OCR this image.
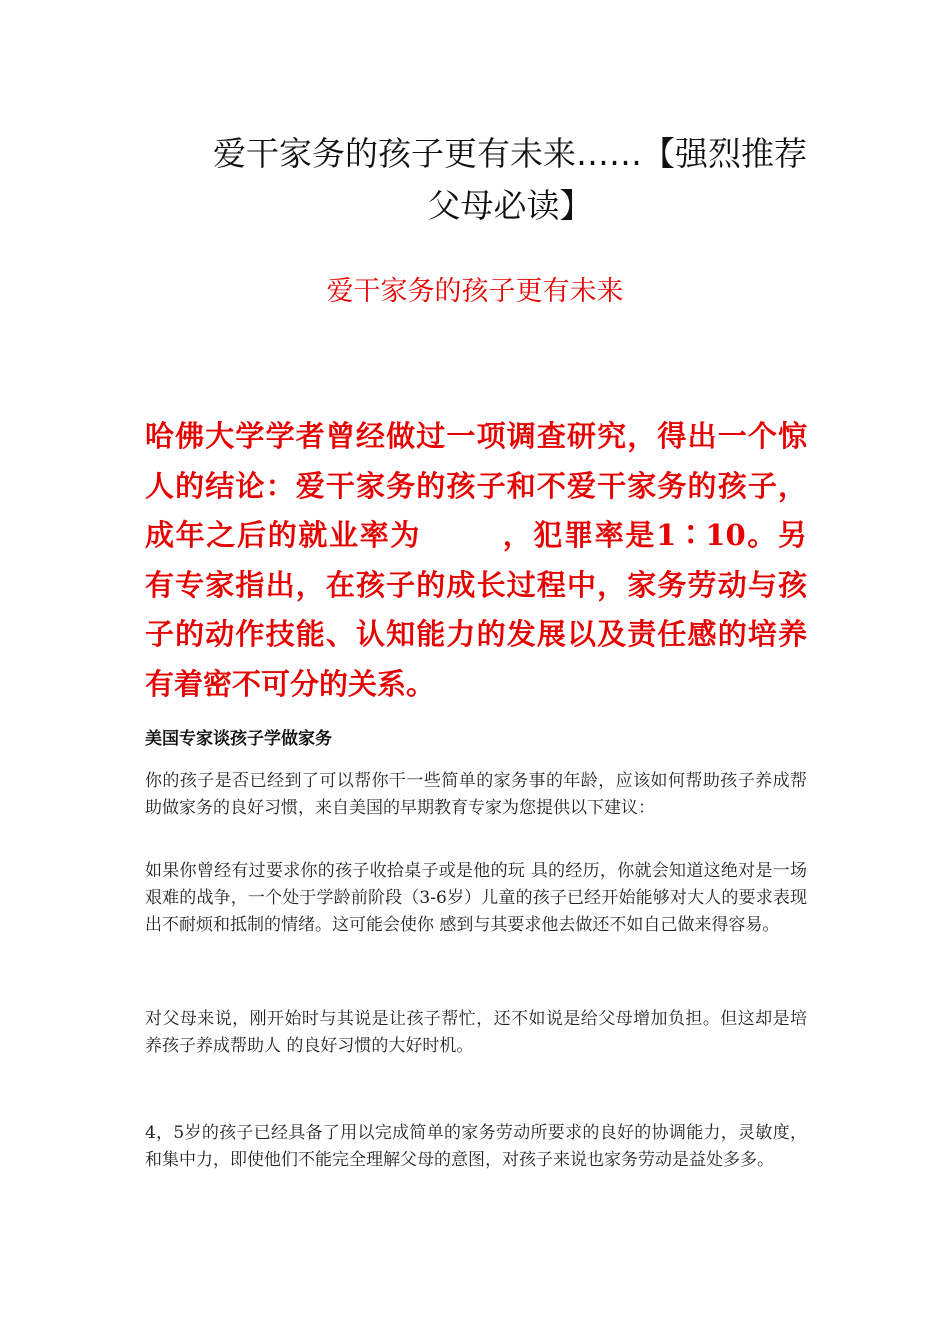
爱干家务的孩子更有未来……【强烈推荐父母必读】
爱干家务的孩子更有未来

哈佛大学学者曾经做过一项调查研究，得出一个惊人的结论：爱干家务的孩子和不爱干家务的孩子，成年之后的就业率为	，犯罪率是1∶10。另有专家指出，在孩子的成长过程中，家务劳动与孩子的动作技能、认知能力的发展以及责任感的培养有着密不可分的关系。

美国专家谈孩子学做家务

你的孩子是否已经到了可以帮你干一些简单的家务事的年龄，应该如何帮助孩子养成帮助做家务的良好习惯，来自美国的早期教育专家为您提供以下建议：

如果你曾经有过要求你的孩子收拾桌子或是他的玩 具的经历，你就会知道这绝对是一场艰难的战争，一个处于学龄前阶段（3-6岁）儿童的孩子已经开始能够对大人的要求表现出不耐烦和抵制的情绪。这可能会使你 感到与其要求他去做还不如自己做来得容易。

对父母来说，刚开始时与其说是让孩子帮忙，还不如说是给父母增加负担。但这却是培养孩子养成帮助人 的良好习惯的大好时机。

4，5岁的孩子已经具备了用以完成简单的家务劳动所要求的良好的协调能力，灵敏度，和集中力，即使他们不能完全理解父母的意图，对孩子来说也家务劳动是益处多多。
